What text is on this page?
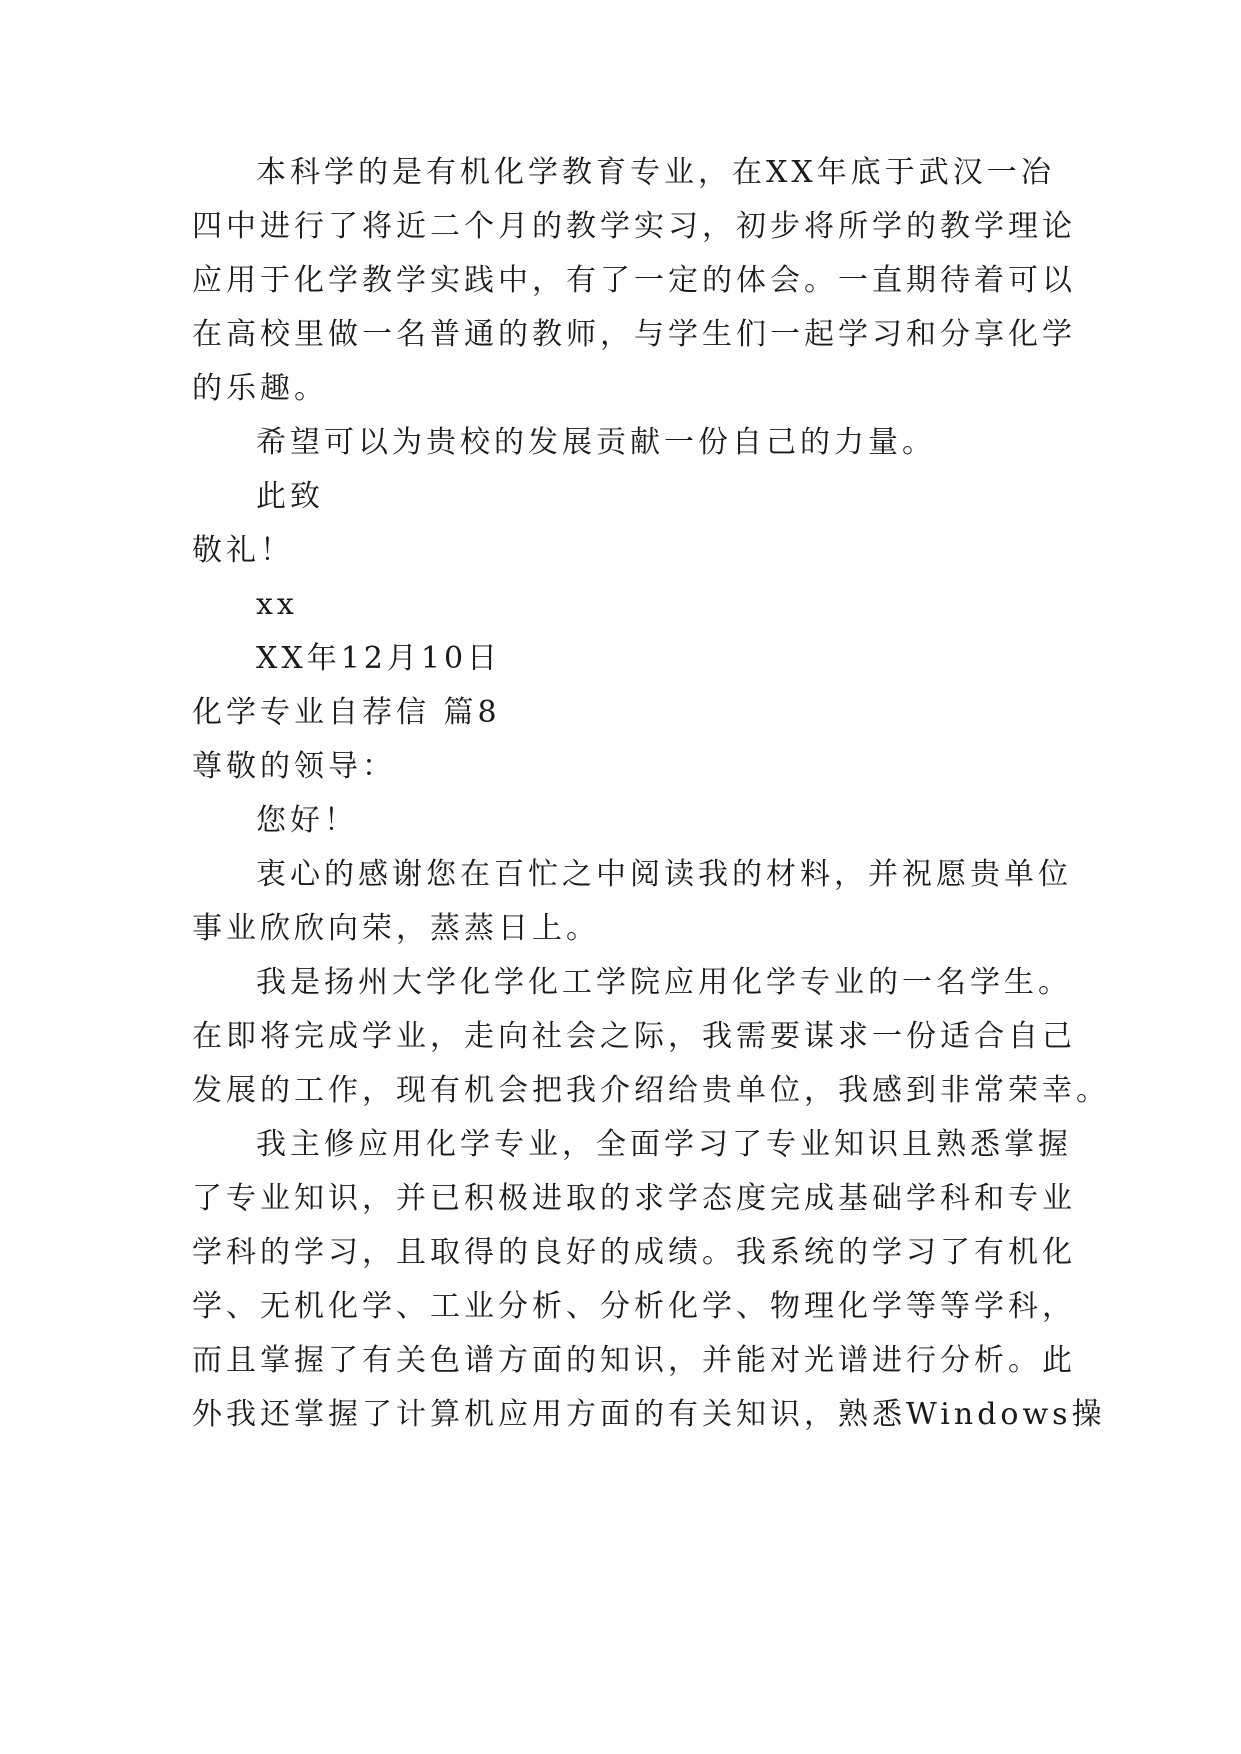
本科学的是有机化学教育专业，在XX年底于武汉一冶
四中进行了将近二个月的教学实习，初步将所学的教学理论
应用于化学教学实践中，有了一定的体会。一直期待着可以
在高校里做一名普通的教师，与学生们一起学习和分享化学
的乐趣。
希望可以为贵校的发展贡献一份自己的力量。
此致
敬礼！
xx
XX年12月10日
化学专业自荐信 篇8
尊敬的领导：
您好！
衷心的感谢您在百忙之中阅读我的材料，并祝愿贵单位
事业欣欣向荣，蒸蒸日上。
我是扬州大学化学化工学院应用化学专业的一名学生。
在即将完成学业，走向社会之际，我需要谋求一份适合自己
发展的工作，现有机会把我介绍给贵单位，我感到非常荣幸。
我主修应用化学专业，全面学习了专业知识且熟悉掌握
了专业知识，并已积极进取的求学态度完成基础学科和专业
学科的学习，且取得的良好的成绩。我系统的学习了有机化
学、无机化学、工业分析、分析化学、物理化学等等学科，
而且掌握了有关色谱方面的知识，并能对光谱进行分析。此
外我还掌握了计算机应用方面的有关知识，熟悉Windows操
